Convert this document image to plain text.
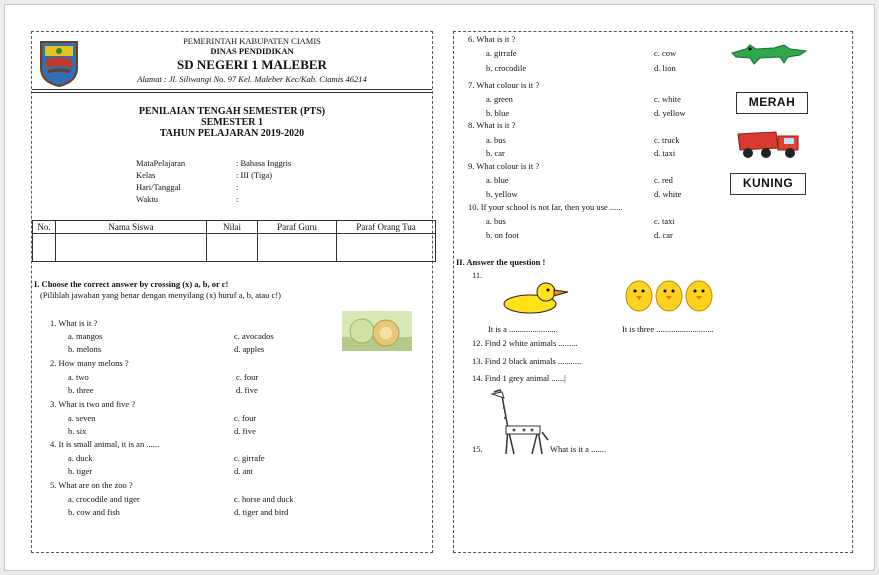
PEMERINTAH KABUPATEN CIAMIS
DINAS PENDIDIKAN
SD NEGERI 1 MALEBER
Alamat : Jl. Siliwangi No. 97 Kel. Maleber Kec/Kab. Ciamis 46214
PENILAIAN TENGAH SEMESTER (PTS)
SEMESTER 1
TAHUN PELAJARAN 2019-2020
MataPelajaran	: Bahasa Inggris
Kelas	: III (Tiga)
Hari/Tanggal	:
Waktu	:
No.	Nama Siswa	Nilai	Paraf Guru	Paraf Orang Tua

I. Choose the correct answer by crossing (x) a, b, or c!
(Pilihlah jawaban yang benar dengan menyilang (x) huruf a, b, atau c!)
1. What is it ?
a. mangos
b. melons
c. avocados
d. apples
2. How many melons ?
a. two
b. three
c. four
d. five
3. What is two and five ?
a. seven
b. six
c. four
d. five
4. It is small animal, it is an ......
a. duck
b. tiger
c. girrafe
d. ant
5. What are on the zoo ?
a. crocodile and tiger
b. cow and fish
c. horse and duck
d. tiger and bird
6. What is it ?
a. girrafe
b. crocodile
c. cow
d. lion
7. What colour is it ?
a. green
b. blue
c. white
d. yellow
MERAH
8. What is it ?
a. bus
b. car
c. truck
d. taxi
9. What colour is it ?
a. blue
b. yellow
c. red
d. white
KUNING
10. If your school is not far, then you use ......
a. bus
b. on foot
c. taxi
d. car
II. Answer the question !
11.
It is a .......................	It is three ...........................
12. Find 2 white animals .........
13. Find 2 black animals ...........
14. Find 1 grey animal ......|
15.	What is it a .......
